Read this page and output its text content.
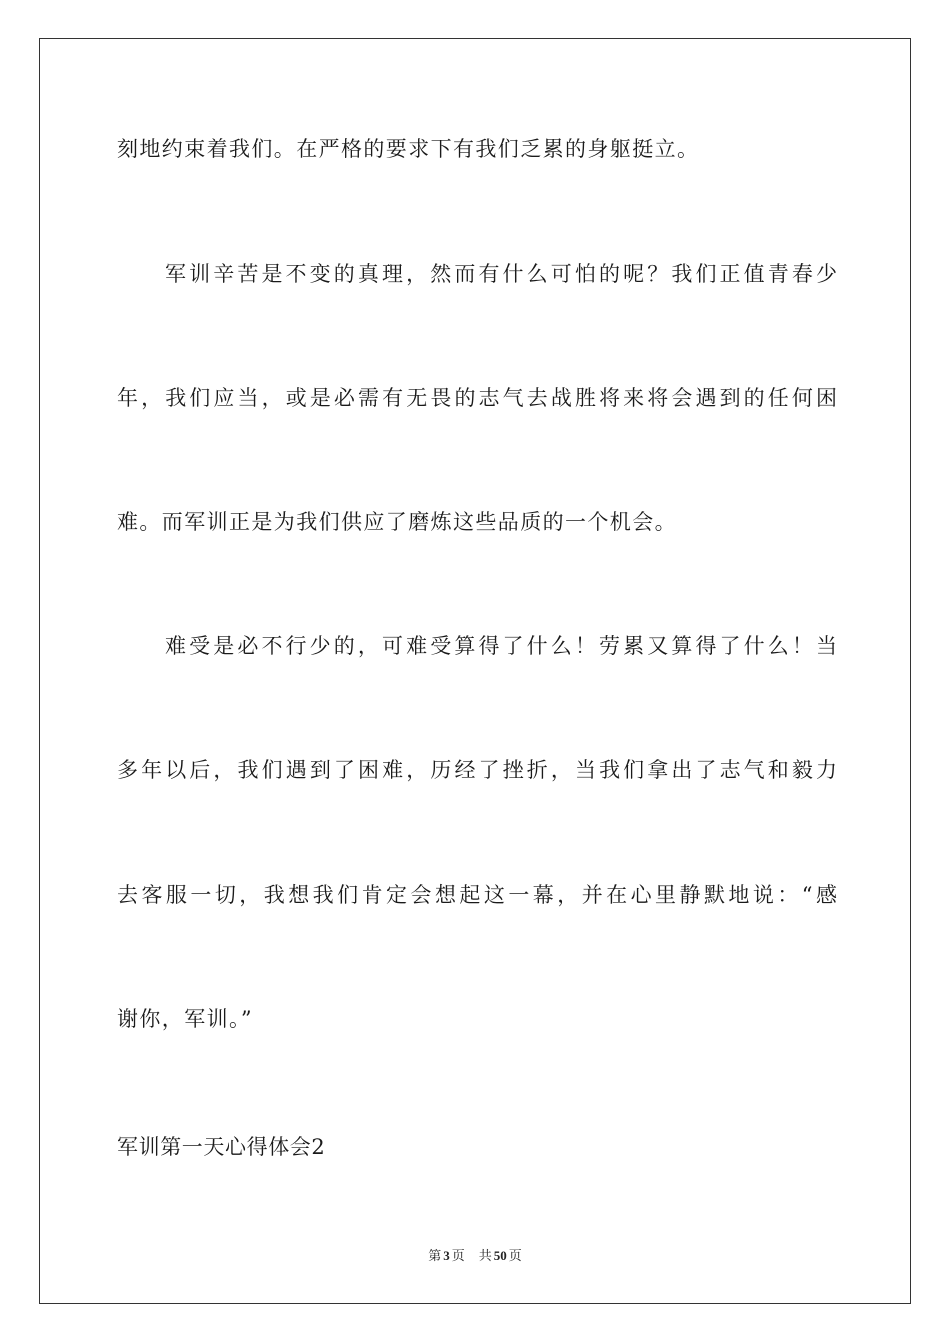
刻地约束着我们。在严格的要求下有我们乏累的身躯挺立。
军训辛苦是不变的真理，然而有什么可怕的呢？我们正值青春少
年，我们应当，或是必需有无畏的志气去战胜将来将会遇到的任何困
难。而军训正是为我们供应了磨炼这些品质的一个机会。
难受是必不行少的，可难受算得了什么！劳累又算得了什么！当
多年以后，我们遇到了困难，历经了挫折，当我们拿出了志气和毅力
去客服一切，我想我们肯定会想起这一幕，并在心里静默地说：“感
谢你，军训。”
军训第一天心得体会2
第 3 页 共 50 页
